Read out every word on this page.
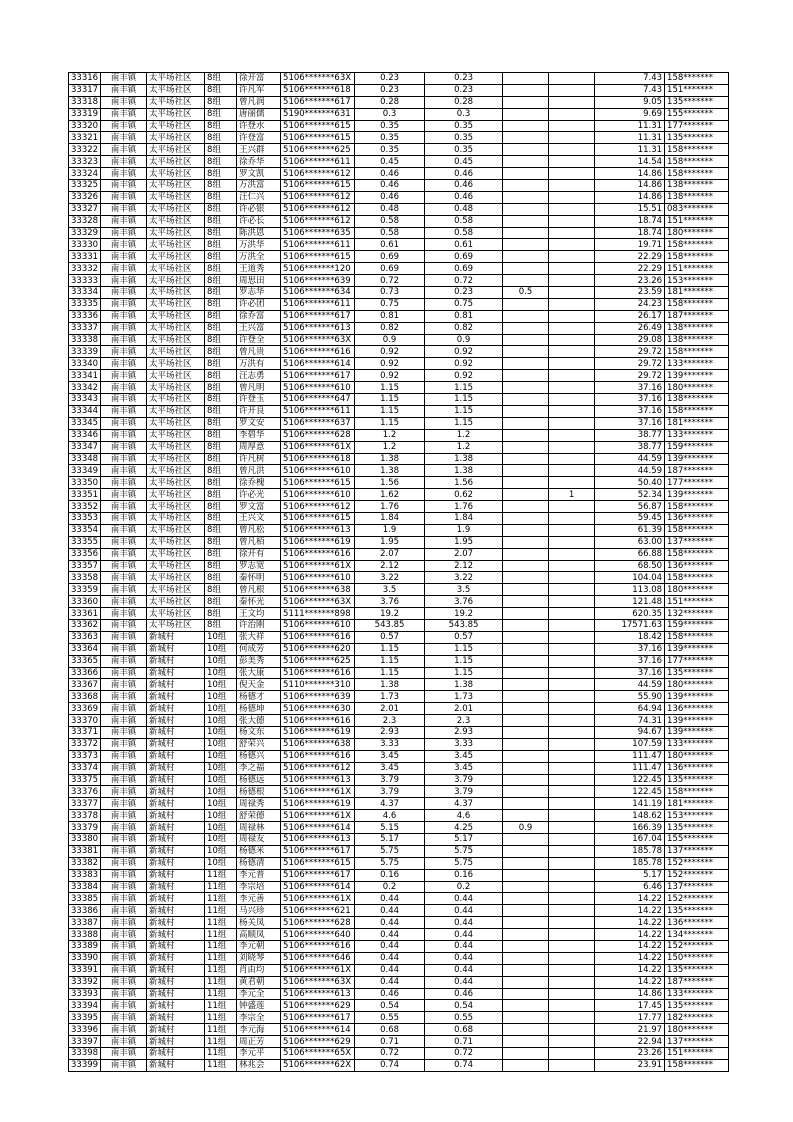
33316	南丰镇	太平场社区	8组	徐开富	5106*******63X	0.23	0.23			7.43	158*******
33317	南丰镇	太平场社区	8组	许凡军	5106*******618	0.23	0.23			7.43	151*******
33318	南丰镇	太平场社区	8组	曾凡润	5106*******617	0.28	0.28			9.05	135*******
33319	南丰镇	太平场社区	8组	唐丽儒	5190*******631	0.3	0.3			9.69	155*******
33320	南丰镇	太平场社区	8组	许登水	5106*******615	0.35	0.35			11.31	177*******
33321	南丰镇	太平场社区	8组	许登富	5106*******615	0.35	0.35			11.31	135*******
33322	南丰镇	太平场社区	8组	王兴群	5106*******625	0.35	0.35			11.31	158*******
33323	南丰镇	太平场社区	8组	徐乔华	5106*******611	0.45	0.45			14.54	158*******
33324	南丰镇	太平场社区	8组	罗文凯	5106*******612	0.46	0.46			14.86	158*******
33325	南丰镇	太平场社区	8组	万洪富	5106*******615	0.46	0.46			14.86	138*******
33326	南丰镇	太平场社区	8组	汪仁兴	5106*******612	0.46	0.46			14.86	138*******
33327	南丰镇	太平场社区	8组	许必银	5106*******612	0.48	0.48			15.51	083*******
33328	南丰镇	太平场社区	8组	许必长	5106*******612	0.58	0.58			18.74	151*******
33329	南丰镇	太平场社区	8组	陈洪恩	5106*******635	0.58	0.58			18.74	180*******
33330	南丰镇	太平场社区	8组	万洪华	5106*******611	0.61	0.61			19.71	158*******
33331	南丰镇	太平场社区	8组	万洪全	5106*******615	0.69	0.69			22.29	158*******
33332	南丰镇	太平场社区	8组	王道秀	5106*******120	0.69	0.69			22.29	151*******
33333	南丰镇	太平场社区	8组	周思田	5106*******639	0.72	0.72			23.26	153*******
33334	南丰镇	太平场社区	8组	罗志华	5106*******634	0.73	0.23	0.5		23.59	181*******
33335	南丰镇	太平场社区	8组	许必团	5106*******611	0.75	0.75			24.23	158*******
33336	南丰镇	太平场社区	8组	徐乔富	5106*******617	0.81	0.81			26.17	187*******
33337	南丰镇	太平场社区	8组	王兴富	5106*******613	0.82	0.82			26.49	138*******
33338	南丰镇	太平场社区	8组	许登全	5106*******63X	0.9	0.9			29.08	138*******
33339	南丰镇	太平场社区	8组	曾凡贵	5106*******616	0.92	0.92			29.72	158*******
33340	南丰镇	太平场社区	8组	万洪有	5106*******614	0.92	0.92			29.72	133*******
33341	南丰镇	太平场社区	8组	汪志勇	5106*******617	0.92	0.92			29.72	139*******
33342	南丰镇	太平场社区	8组	曾凡明	5106*******610	1.15	1.15			37.16	180*******
33343	南丰镇	太平场社区	8组	许登玉	5106*******647	1.15	1.15			37.16	138*******
33344	南丰镇	太平场社区	8组	许开良	5106*******611	1.15	1.15			37.16	158*******
33345	南丰镇	太平场社区	8组	罗文安	5106*******637	1.15	1.15			37.16	181*******
33346	南丰镇	太平场社区	8组	李碧华	5106*******628	1.2	1.2			38.77	133*******
33347	南丰镇	太平场社区	8组	周厚意	5106*******61X	1.2	1.2			38.77	159*******
33348	南丰镇	太平场社区	8组	许凡树	5106*******618	1.38	1.38			44.59	139*******
33349	南丰镇	太平场社区	8组	曾凡洪	5106*******610	1.38	1.38			44.59	187*******
33350	南丰镇	太平场社区	8组	徐乔槐	5106*******615	1.56	1.56			50.40	177*******
33351	南丰镇	太平场社区	8组	许必光	5106*******610	1.62	0.62		1	52.34	139*******
33352	南丰镇	太平场社区	8组	罗文富	5106*******612	1.76	1.76			56.87	158*******
33353	南丰镇	太平场社区	8组	王兴文	5106*******615	1.84	1.84			59.45	136*******
33354	南丰镇	太平场社区	8组	曾凡松	5106*******613	1.9	1.9			61.39	158*******
33355	南丰镇	太平场社区	8组	曾凡栢	5106*******619	1.95	1.95			63.00	137*******
33356	南丰镇	太平场社区	8组	徐开有	5106*******616	2.07	2.07			66.88	158*******
33357	南丰镇	太平场社区	8组	罗志宽	5106*******61X	2.12	2.12			68.50	136*******
33358	南丰镇	太平场社区	8组	秦怀明	5106*******610	3.22	3.22			104.04	158*******
33359	南丰镇	太平场社区	8组	曾凡根	5106*******638	3.5	3.5			113.08	180*******
33360	南丰镇	太平场社区	8组	秦怀光	5106*******63X	3.76	3.76			121.48	151*******
33361	南丰镇	太平场社区	8组	王文均	5111*******898	19.2	19.2			620.35	132*******
33362	南丰镇	太平场社区	8组	许治刚	5106*******610	543.85	543.85			17571.63	159*******
33363	南丰镇	新城村	10组	张大祥	5106*******616	0.57	0.57			18.42	158*******
33364	南丰镇	新城村	10组	何成芳	5106*******620	1.15	1.15			37.16	139*******
33365	南丰镇	新城村	10组	彭美秀	5106*******625	1.15	1.15			37.16	177*******
33366	南丰镇	新城村	10组	张大康	5106*******616	1.15	1.15			37.16	135*******
33367	南丰镇	新城村	10组	倪天金	5110*******310	1.38	1.38			44.59	180*******
33368	南丰镇	新城村	10组	杨德才	5106*******639	1.73	1.73			55.90	139*******
33369	南丰镇	新城村	10组	杨德坤	5106*******630	2.01	2.01			64.94	136*******
33370	南丰镇	新城村	10组	张大德	5106*******616	2.3	2.3			74.31	139*******
33371	南丰镇	新城村	10组	杨文东	5106*******619	2.93	2.93			94.67	139*******
33372	南丰镇	新城村	10组	舒荣兴	5106*******638	3.33	3.33			107.59	133*******
33373	南丰镇	新城村	10组	杨德兴	5106*******616	3.45	3.45			111.47	180*******
33374	南丰镇	新城村	10组	李之福	5106*******612	3.45	3.45			111.47	136*******
33375	南丰镇	新城村	10组	杨德远	5106*******613	3.79	3.79			122.45	135*******
33376	南丰镇	新城村	10组	杨德根	5106*******61X	3.79	3.79			122.45	158*******
33377	南丰镇	新城村	10组	周禄秀	5106*******619	4.37	4.37			141.19	181*******
33378	南丰镇	新城村	10组	舒荣德	5106*******61X	4.6	4.6			148.62	153*******
33379	南丰镇	新城村	10组	周禄林	5106*******614	5.15	4.25	0.9		166.39	135*******
33380	南丰镇	新城村	10组	周禄友	5106*******613	5.17	5.17			167.04	155*******
33381	南丰镇	新城村	10组	杨德米	5106*******617	5.75	5.75			185.78	137*******
33382	南丰镇	新城村	10组	杨德清	5106*******615	5.75	5.75			185.78	152*******
33383	南丰镇	新城村	11组	李元普	5106*******617	0.16	0.16			5.17	152*******
33384	南丰镇	新城村	11组	李宗培	5106*******614	0.2	0.2			6.46	137*******
33385	南丰镇	新城村	11组	李元善	5106*******61X	0.44	0.44			14.22	152*******
33386	南丰镇	新城村	11组	马兴珍	5106*******621	0.44	0.44			14.22	135*******
33387	南丰镇	新城村	11组	杨关凤	5106*******628	0.44	0.44			14.22	136*******
33388	南丰镇	新城村	11组	高顺凤	5106*******640	0.44	0.44			14.22	134*******
33389	南丰镇	新城村	11组	李元朝	5106*******616	0.44	0.44			14.22	152*******
33390	南丰镇	新城村	11组	刘晓琴	5106*******646	0.44	0.44			14.22	150*******
33391	南丰镇	新城村	11组	肖由均	5106*******61X	0.44	0.44			14.22	135*******
33392	南丰镇	新城村	11组	黄君朝	5106*******63X	0.44	0.44			14.22	187*******
33393	南丰镇	新城村	11组	李元全	5106*******613	0.46	0.46			14.86	133*******
33394	南丰镇	新城村	11组	钟盛莲	5106*******629	0.54	0.54			17.45	135*******
33395	南丰镇	新城村	11组	李宗全	5106*******617	0.55	0.55			17.77	182*******
33396	南丰镇	新城村	11组	李元海	5106*******614	0.68	0.68			21.97	180*******
33397	南丰镇	新城村	11组	周正芳	5106*******629	0.71	0.71			22.94	137*******
33398	南丰镇	新城村	11组	李元平	5106*******65X	0.72	0.72			23.26	151*******
33399	南丰镇	新城村	11组	林兆会	5106*******62X	0.74	0.74			23.91	158*******
